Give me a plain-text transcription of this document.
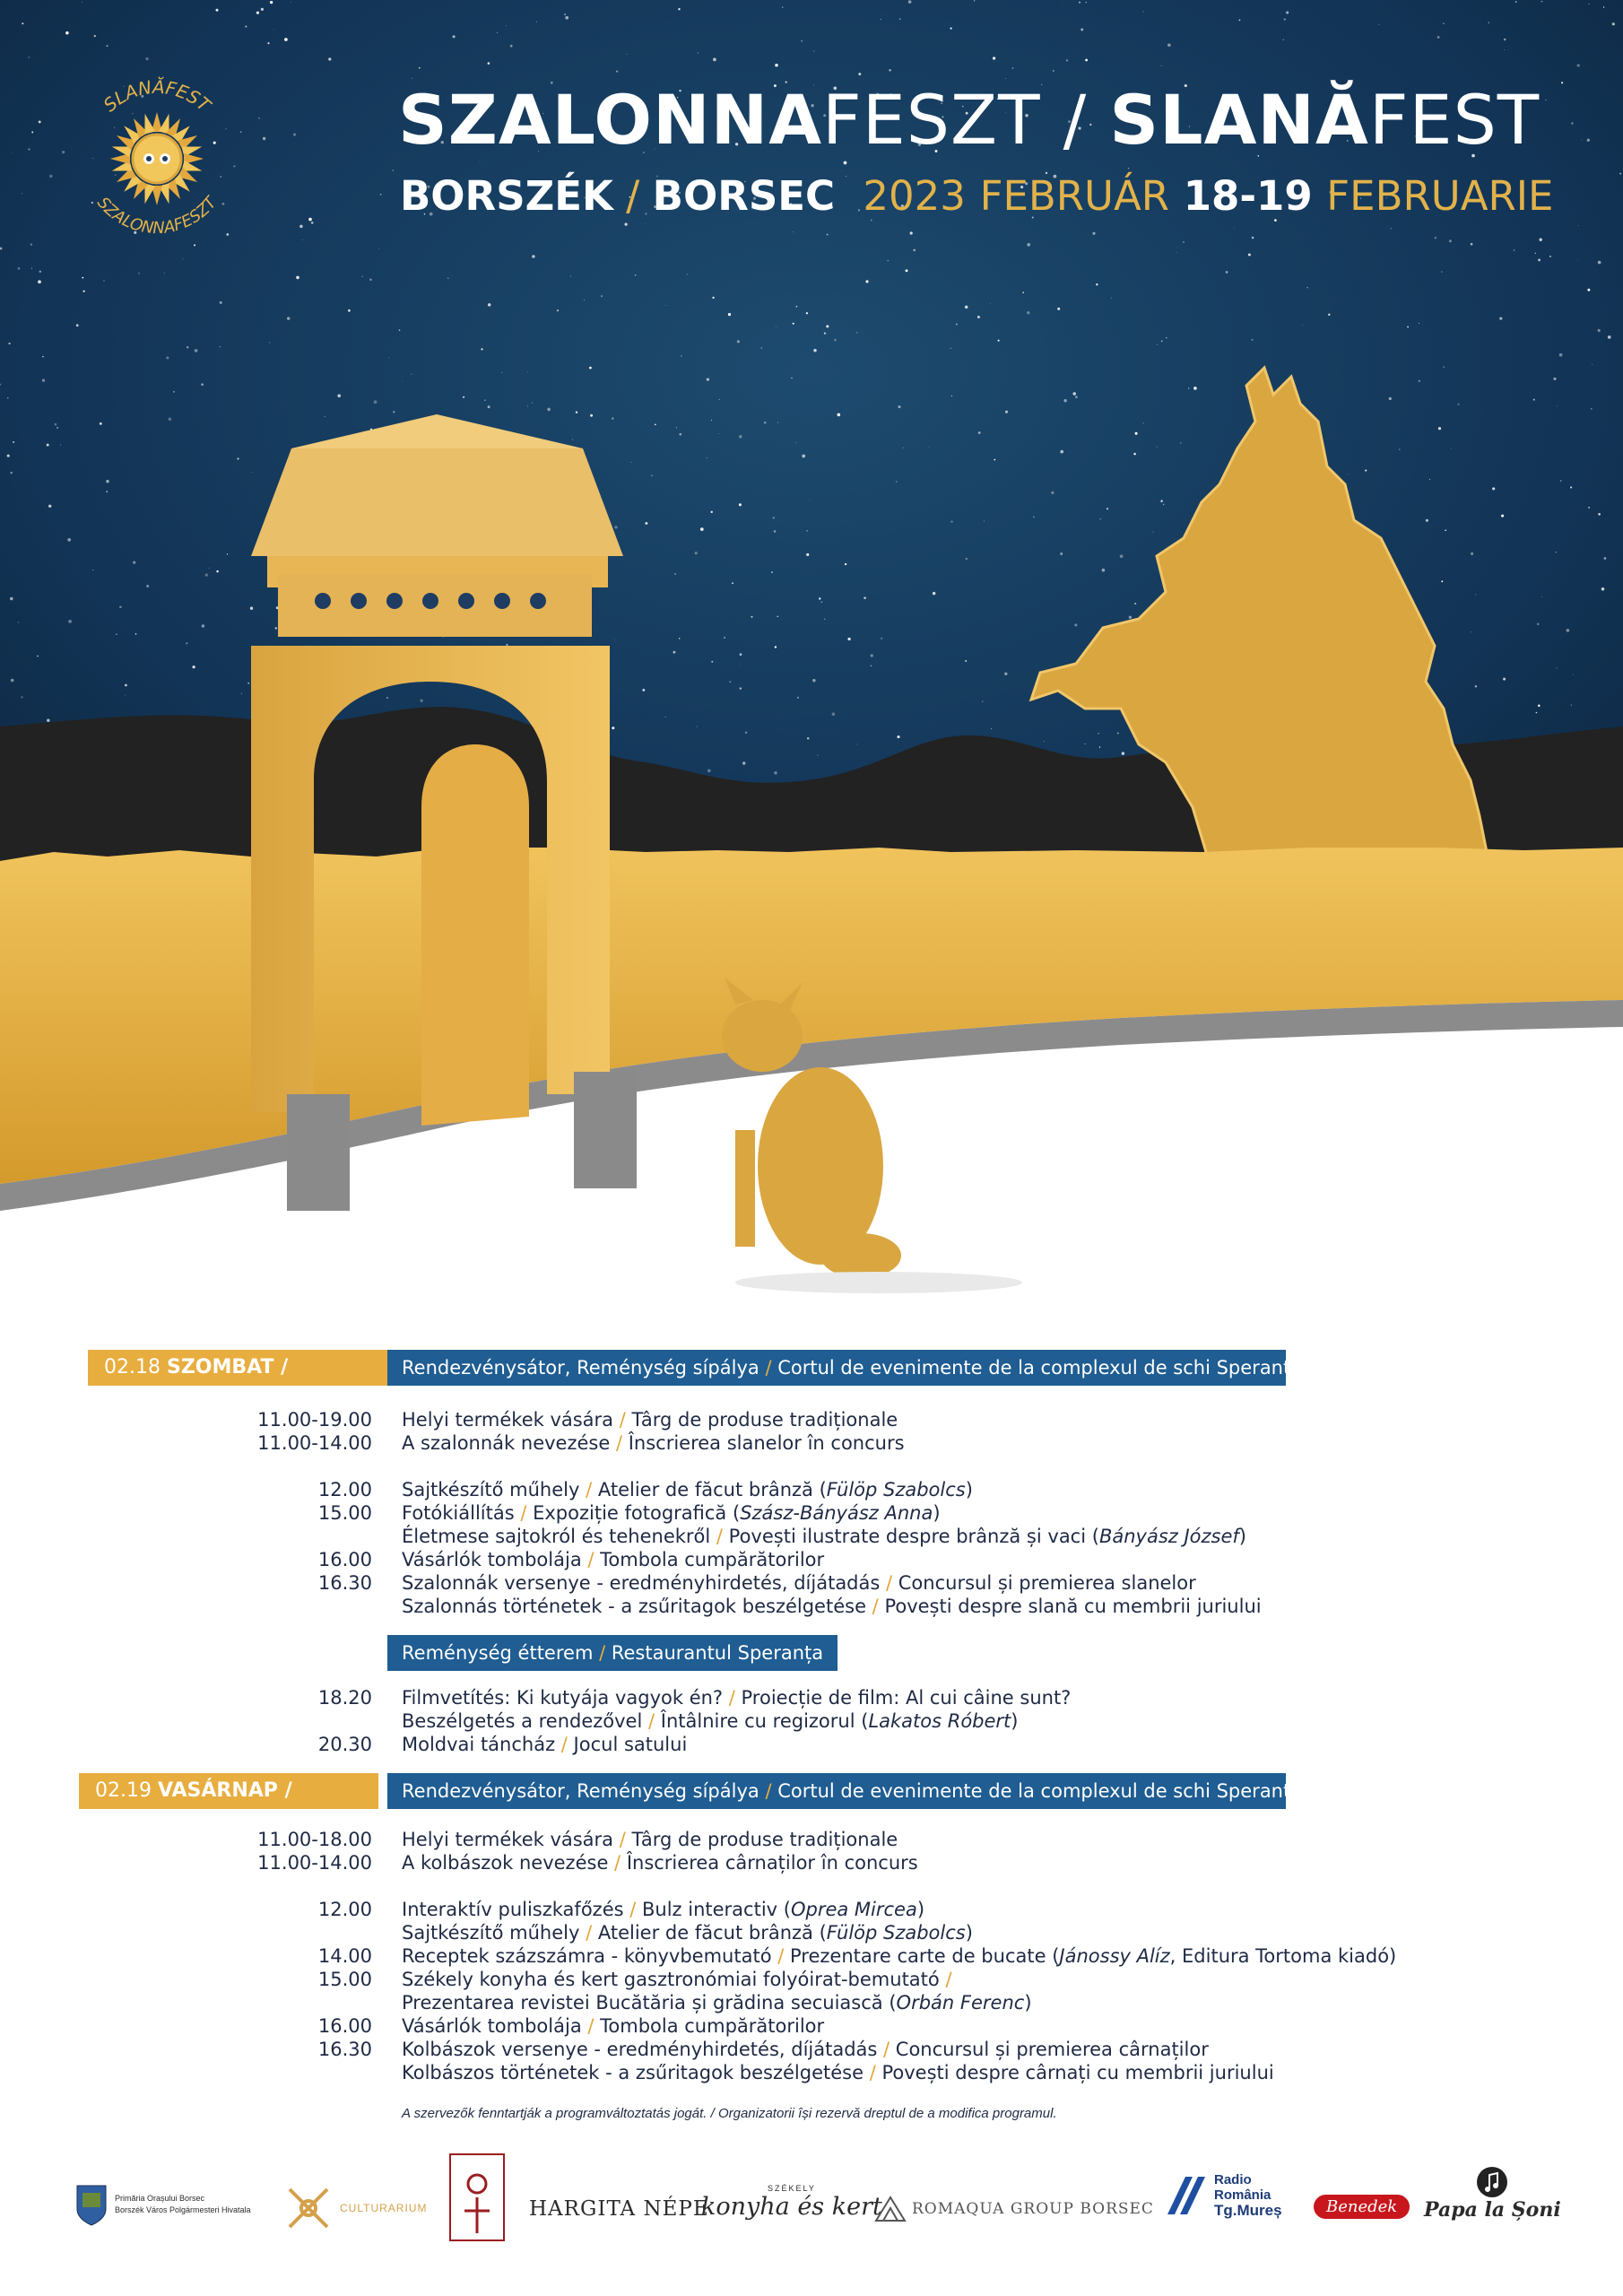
SLANĂFEST
SZALONNAFESZT
SZALONNAFESZT / SLANĂFEST
BORSZÉK / BORSEC 2023 FEBRUÁR 18-19 FEBRUARIE
02.18 SZOMBAT / SÂMBĂTĂ
Rendezvénysátor, Reménység sípálya / Cortul de evenimente de la complexul de schi Speranța
11.00-19.00 Helyi termékek vására / Târg de produse tradiționale
11.00-14.00 A szalonnák nevezése / Înscrierea slanelor în concurs
12.00 Sajtkészítő műhely / Atelier de făcut brânză (Fülöp Szabolcs)
15.00 Fotókiállítás / Expoziție fotografică (Szász-Bányász Anna)
Életmese sajtokról és tehenekről / Povești ilustrate despre brânză și vaci (Bányász József)
16.00 Vásárlók tombolája / Tombola cumpărătorilor
16.30 Szalonnák versenye - eredményhirdetés, díjátadás / Concursul și premierea slanelor
Szalonnás történetek - a zsűritagok beszélgetése / Povești despre slană cu membrii juriului
Reménység étterem / Restaurantul Speranța
18.20 Filmvetítés: Ki kutyája vagyok én? / Proiecție de film: Al cui câine sunt?
Beszélgetés a rendezővel / Întâlnire cu regizorul (Lakatos Róbert)
20.30 Moldvai táncház / Jocul satului
02.19 VASÁRNAP / DUMINICĂ
Rendezvénysátor, Reménység sípálya / Cortul de evenimente de la complexul de schi Speranța
11.00-18.00 Helyi termékek vására / Târg de produse tradiționale
11.00-14.00 A kolbászok nevezése / Înscrierea cârnaților în concurs
12.00 Interaktív puliszkafőzés / Bulz interactiv (Oprea Mircea)
Sajtkészítő műhely / Atelier de făcut brânză (Fülöp Szabolcs)
14.00 Receptek százszámra - könyvbemutató / Prezentare carte de bucate (Jánossy Alíz, Editura Tortoma kiadó)
15.00 Székely konyha és kert gasztronómiai folyóirat-bemutató /
Prezentarea revistei Bucătăria și grădina secuiască (Orbán Ferenc)
16.00 Vásárlók tombolája / Tombola cumpărătorilor
16.30 Kolbászok versenye - eredményhirdetés, díjátadás / Concursul și premierea cârnaților
Kolbászos történetek - a zsűritagok beszélgetése / Povești despre cârnați cu membrii juriului
A szervezők fenntartják a programváltoztatás jogát. / Organizatorii își rezervă dreptul de a modifica programul.
Primăria Orașului Borsec
Borszék Város Polgármesteri Hivatala	CULTURARIUM	HARGITA NÉPE
SZÉKELY
konyha és kert ROMAQUA GROUP BORSEC
Radio
România
Tg.Mureș	Benedek	Papa la Șoni
